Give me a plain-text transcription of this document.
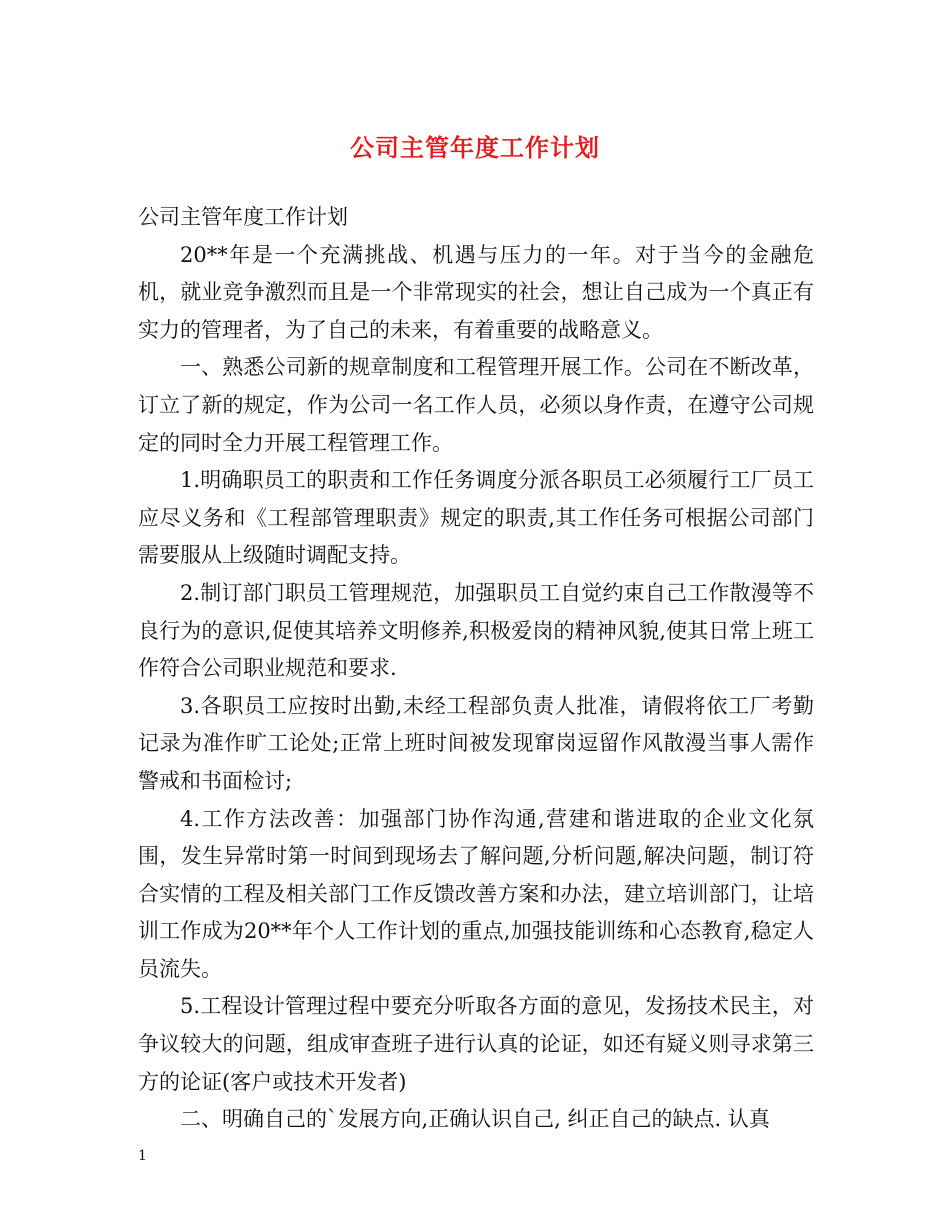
公司主管年度工作计划

公司主管年度工作计划

20**年是一个充满挑战、机遇与压力的一年。对于当今的金融危机，就业竞争激烈而且是一个非常现实的社会，想让自己成为一个真正有实力的管理者，为了自己的未来，有着重要的战略意义。

一、熟悉公司新的规章制度和工程管理开展工作。公司在不断改革，订立了新的规定，作为公司一名工作人员，必须以身作责，在遵守公司规定的同时全力开展工程管理工作。

1.明确职员工的职责和工作任务调度分派各职员工必须履行工厂员工应尽义务和《工程部管理职责》规定的职责,其工作任务可根据公司部门需要服从上级随时调配支持。

2.制订部门职员工管理规范，加强职员工自觉约束自己工作散漫等不良行为的意识,促使其培养文明修养,积极爱岗的精神风貌,使其日常上班工作符合公司职业规范和要求.

3.各职员工应按时出勤,未经工程部负责人批准，请假将依工厂考勤记录为准作旷工论处;正常上班时间被发现窜岗逗留作风散漫当事人需作警戒和书面检讨;

4.工作方法改善：加强部门协作沟通,营建和谐进取的企业文化氛围，发生异常时第一时间到现场去了解问题,分析问题,解决问题，制订符合实情的工程及相关部门工作反馈改善方案和办法，建立培训部门，让培训工作成为20**年个人工作计划的重点,加强技能训练和心态教育,稳定人员流失。

5.工程设计管理过程中要充分听取各方面的意见，发扬技术民主，对争议较大的问题，组成审查班子进行认真的论证，如还有疑义则寻求第三方的论证(客户或技术开发者)

二、明确自己的`发展方向,正确认识自己, 纠正自己的缺点. 认真

1
